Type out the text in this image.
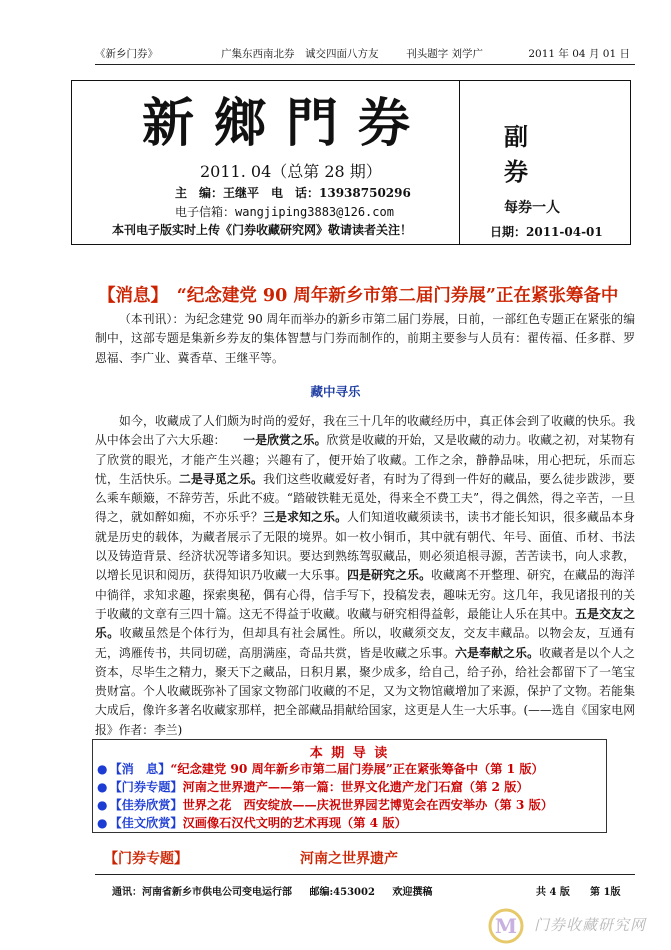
《新乡门券》	广集东西南北券　诚交四面八方友	刊头题字 刘学广	2011 年 04 月 01 日
新鄉門券
2011. 04（总第 28 期）
主　编：王继平　电　话：13938750296
电子信箱：wangjiping3883@126.com
本刊电子版实时上传《门券收藏研究网》敬请读者关注！
副　券
每券一人
日期：2011-04-01
【消息】　“纪念建党 90 周年新乡市第二届门券展”正在紧张筹备中

（本刊讯）：为纪念建党 90 周年而举办的新乡市第二届门券展，日前，一部红色专题正在紧张的编制中，这部专题是集新乡券友的集体智慧与门券而制作的，前期主要参与人员有：翟传福、任多群、罗恩福、李广业、冀香草、王继平等。

藏中寻乐

如今，收藏成了人们颇为时尚的爱好，我在三十几年的收藏经历中，真正体会到了收藏的快乐。我从中体会出了六大乐趣：　　一是欣赏之乐。欣赏是收藏的开始，又是收藏的动力。收藏之初，对某物有了欣赏的眼光，才能产生兴趣；兴趣有了，便开始了收藏。工作之余，静静品味，用心把玩，乐而忘忧，生活快乐。二是寻觅之乐。我们这些收藏爱好者，有时为了得到一件好的藏品，要么徒步跋涉，要么乘车颠簸，不辞劳苦，乐此不疲。“踏破铁鞋无觅处，得来全不费工夫”，得之偶然，得之辛苦，一旦得之，就如醉如痴，不亦乐乎？三是求知之乐。人们知道收藏须读书，读书才能长知识，很多藏品本身就是历史的载体，为藏者展示了无限的境界。如一枚小铜币，其中就有朝代、年号、面值、币材、书法以及铸造背景、经济状况等诸多知识。要达到熟练驾驭藏品，则必须追根寻源，苦苦读书，向人求教，以增长见识和阅历，获得知识乃收藏一大乐事。四是研究之乐。收藏离不开整理、研究，在藏品的海洋中徜徉，求知求趣，探索奥秘，偶有心得，信手写下，投稿发表，趣味无穷。这几年，我见诸报刊的关于收藏的文章有三四十篇。这无不得益于收藏。收藏与研究相得益彰，最能让人乐在其中。五是交友之乐。收藏虽然是个体行为，但却具有社会属性。所以，收藏须交友，交友丰藏品。以物会友，互通有无，鸿雁传书，共同切磋，高朋满座，奇品共赏，皆是收藏之乐事。六是奉献之乐。收藏者是以个人之资本，尽毕生之精力，聚天下之藏品，日积月累，聚少成多，给自己，给子孙，给社会都留下了一笔宝贵财富。个人收藏既弥补了国家文物部门收藏的不足，又为文物馆藏增加了来源，保护了文物。若能集大成后，像许多著名收藏家那样，把全部藏品捐献给国家，这更是人生一大乐事。(——选自《国家电网报》作者：李兰)

本 期 导 读
● 【消　息】“纪念建党 90 周年新乡市第二届门券展”正在紧张筹备中（第 1 版）
● 【门券专题】河南之世界遗产——第一篇：世界文化遗产龙门石窟（第 2 版）
● 【佳券欣赏】世界之花　西安绽放——庆祝世界园艺博览会在西安举办（第 3 版）
● 【佳文欣赏】汉画像石汉代文明的艺术再现（第 4 版）
【门券专题】	河南之世界遗产
通讯：河南省新乡市供电公司变电运行部 邮编:453002 欢迎撰稿	共 4 版 第 1版
M 门券收藏研究网
